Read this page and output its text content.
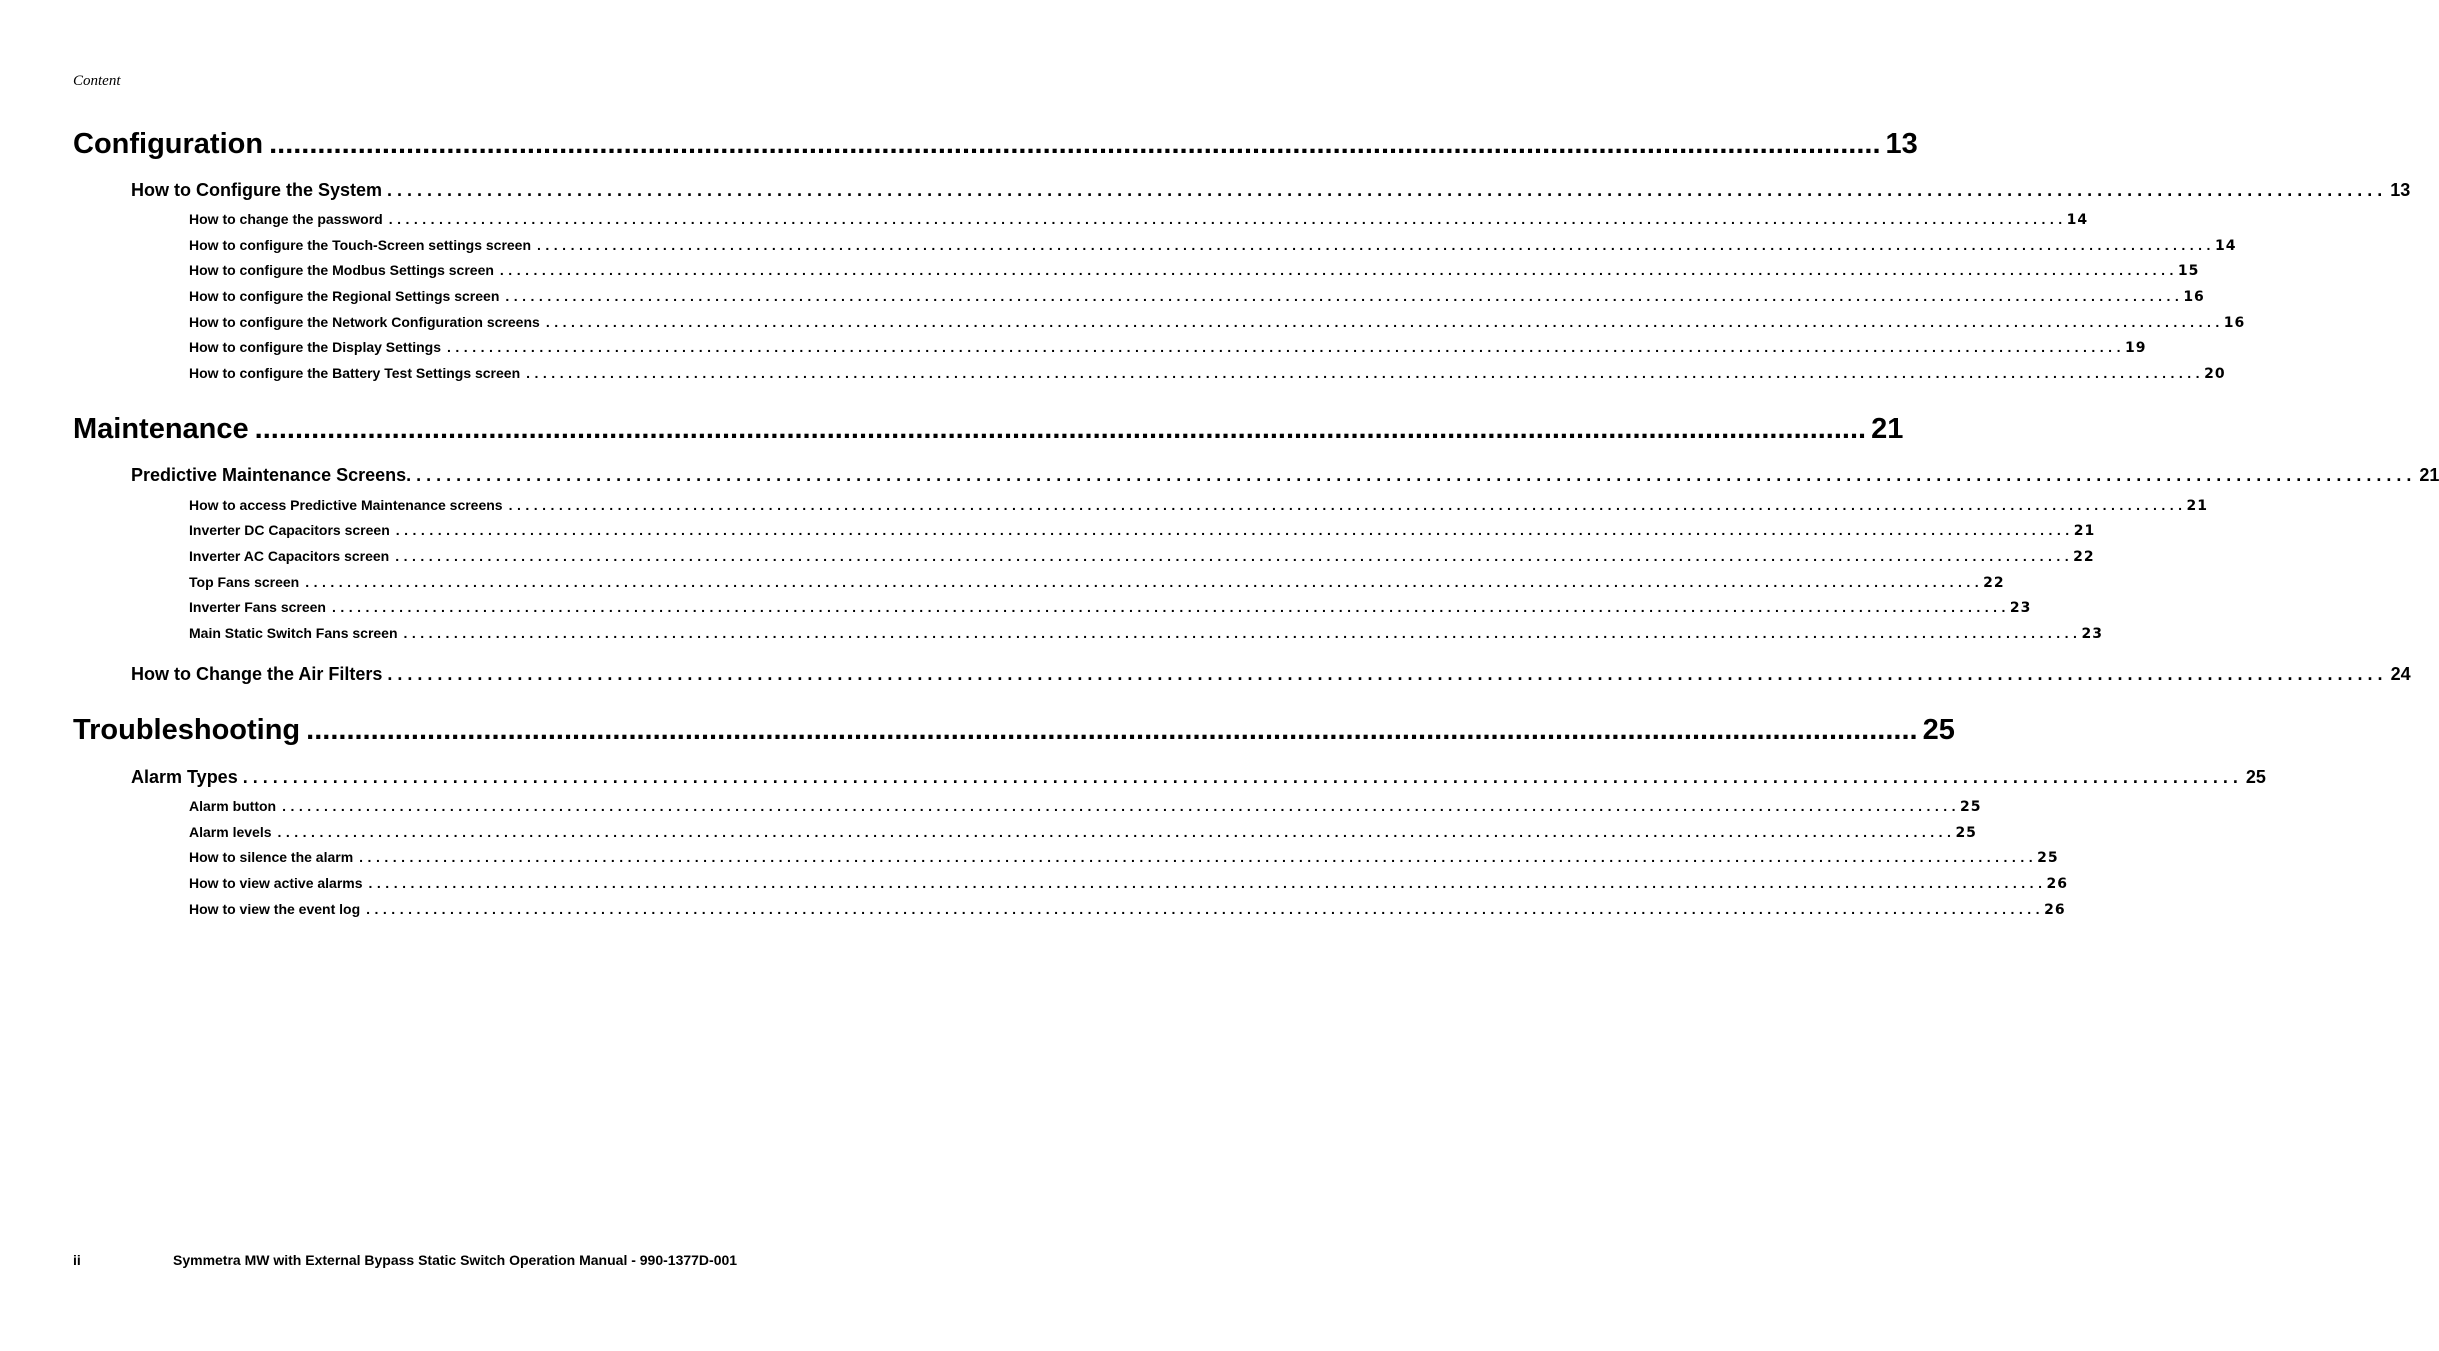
Content
Configuration ........................................................................................................................................................................................................ 13
How to Configure the System ........................................................................................................................................................................................................ 13
How to change the password ........................................................................................................................................................................................................ 14
How to configure the Touch-Screen settings screen ........................................................................................................................................................................................................ 14
How to configure the Modbus Settings screen ........................................................................................................................................................................................................ 15
How to configure the Regional Settings screen ........................................................................................................................................................................................................ 16
How to configure the Network Configuration screens ........................................................................................................................................................................................................ 16
How to configure the Display Settings ........................................................................................................................................................................................................ 19
How to configure the Battery Test Settings screen ........................................................................................................................................................................................................ 20
Maintenance ........................................................................................................................................................................................................ 21
Predictive Maintenance Screens. ........................................................................................................................................................................................................ 21
How to access Predictive Maintenance screens ........................................................................................................................................................................................................ 21
Inverter DC Capacitors screen ........................................................................................................................................................................................................ 21
Inverter AC Capacitors screen ........................................................................................................................................................................................................ 22
Top Fans screen ........................................................................................................................................................................................................ 22
Inverter Fans screen ........................................................................................................................................................................................................ 23
Main Static Switch Fans screen ........................................................................................................................................................................................................ 23
How to Change the Air Filters ........................................................................................................................................................................................................ 24
Troubleshooting ........................................................................................................................................................................................................ 25
Alarm Types ........................................................................................................................................................................................................ 25
Alarm button ........................................................................................................................................................................................................ 25
Alarm levels ........................................................................................................................................................................................................ 25
How to silence the alarm ........................................................................................................................................................................................................ 25
How to view active alarms ........................................................................................................................................................................................................ 26
How to view the event log ........................................................................................................................................................................................................ 26
ii	Symmetra MW with External Bypass Static Switch Operation Manual - 990-1377D-001
